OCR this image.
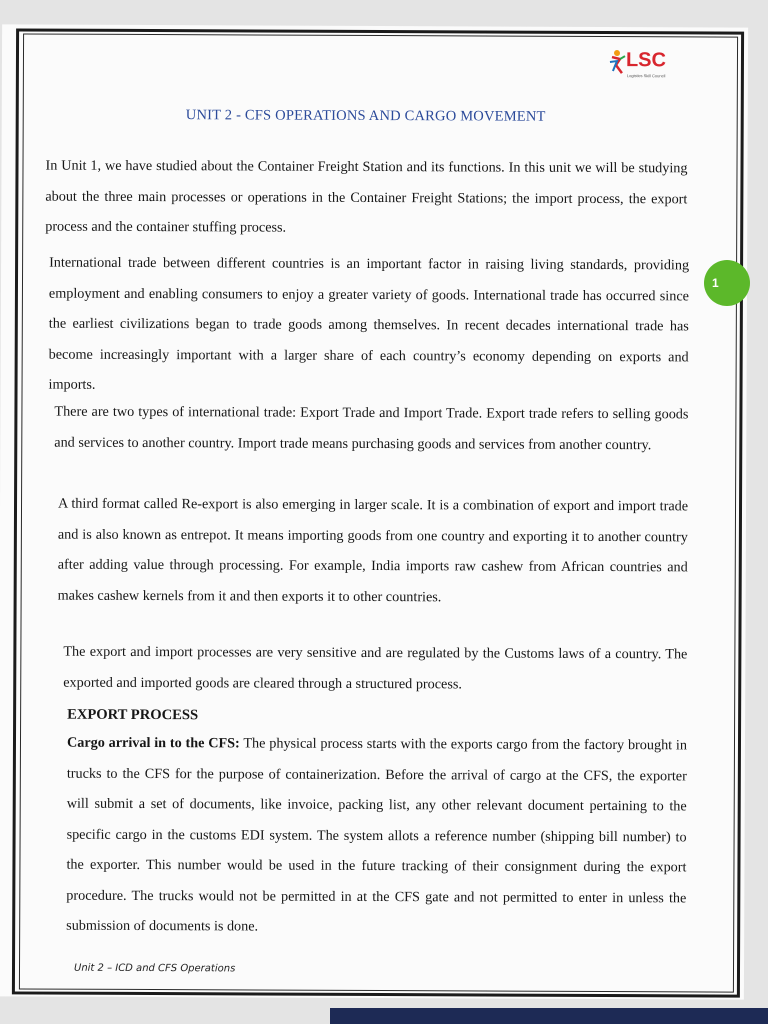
LSC
Logistics Skill Council
UNIT 2 - CFS OPERATIONS AND CARGO MOVEMENT

In Unit 1, we have studied about the Container Freight Station and its functions. In this unit we will be studying about the three main processes or operations in the Container Freight Stations; the import process, the export process and the container stuffing process.

International trade between different countries is an important factor in raising living standards, providing employment and enabling consumers to enjoy a greater variety of goods. International trade has occurred since the earliest civilizations began to trade goods among themselves. In recent decades international trade has become increasingly important with a larger share of each country’s economy depending on exports and imports.

There are two types of international trade: Export Trade and Import Trade. Export trade refers to selling goods and services to another country. Import trade means purchasing goods and services from another country.

A third format called Re-export is also emerging in larger scale. It is a combination of export and import trade and is also known as entrepot. It means importing goods from one country and exporting it to another country after adding value through processing. For example, India imports raw cashew from African countries and makes cashew kernels from it and then exports it to other countries.

The export and import processes are very sensitive and are regulated by the Customs laws of a country. The exported and imported goods are cleared through a structured process.

EXPORT PROCESS

Cargo arrival in to the CFS: The physical process starts with the exports cargo from the factory brought in trucks to the CFS for the purpose of containerization. Before the arrival of cargo at the CFS, the exporter will submit a set of documents, like invoice, packing list, any other relevant document pertaining to the specific cargo in the customs EDI system. The system allots a reference number (shipping bill number) to the exporter. This number would be used in the future tracking of their consignment during the export procedure. The trucks would not be permitted in at the CFS gate and not permitted to enter in unless the submission of documents is done.

Unit 2 – ICD and CFS Operations
1
